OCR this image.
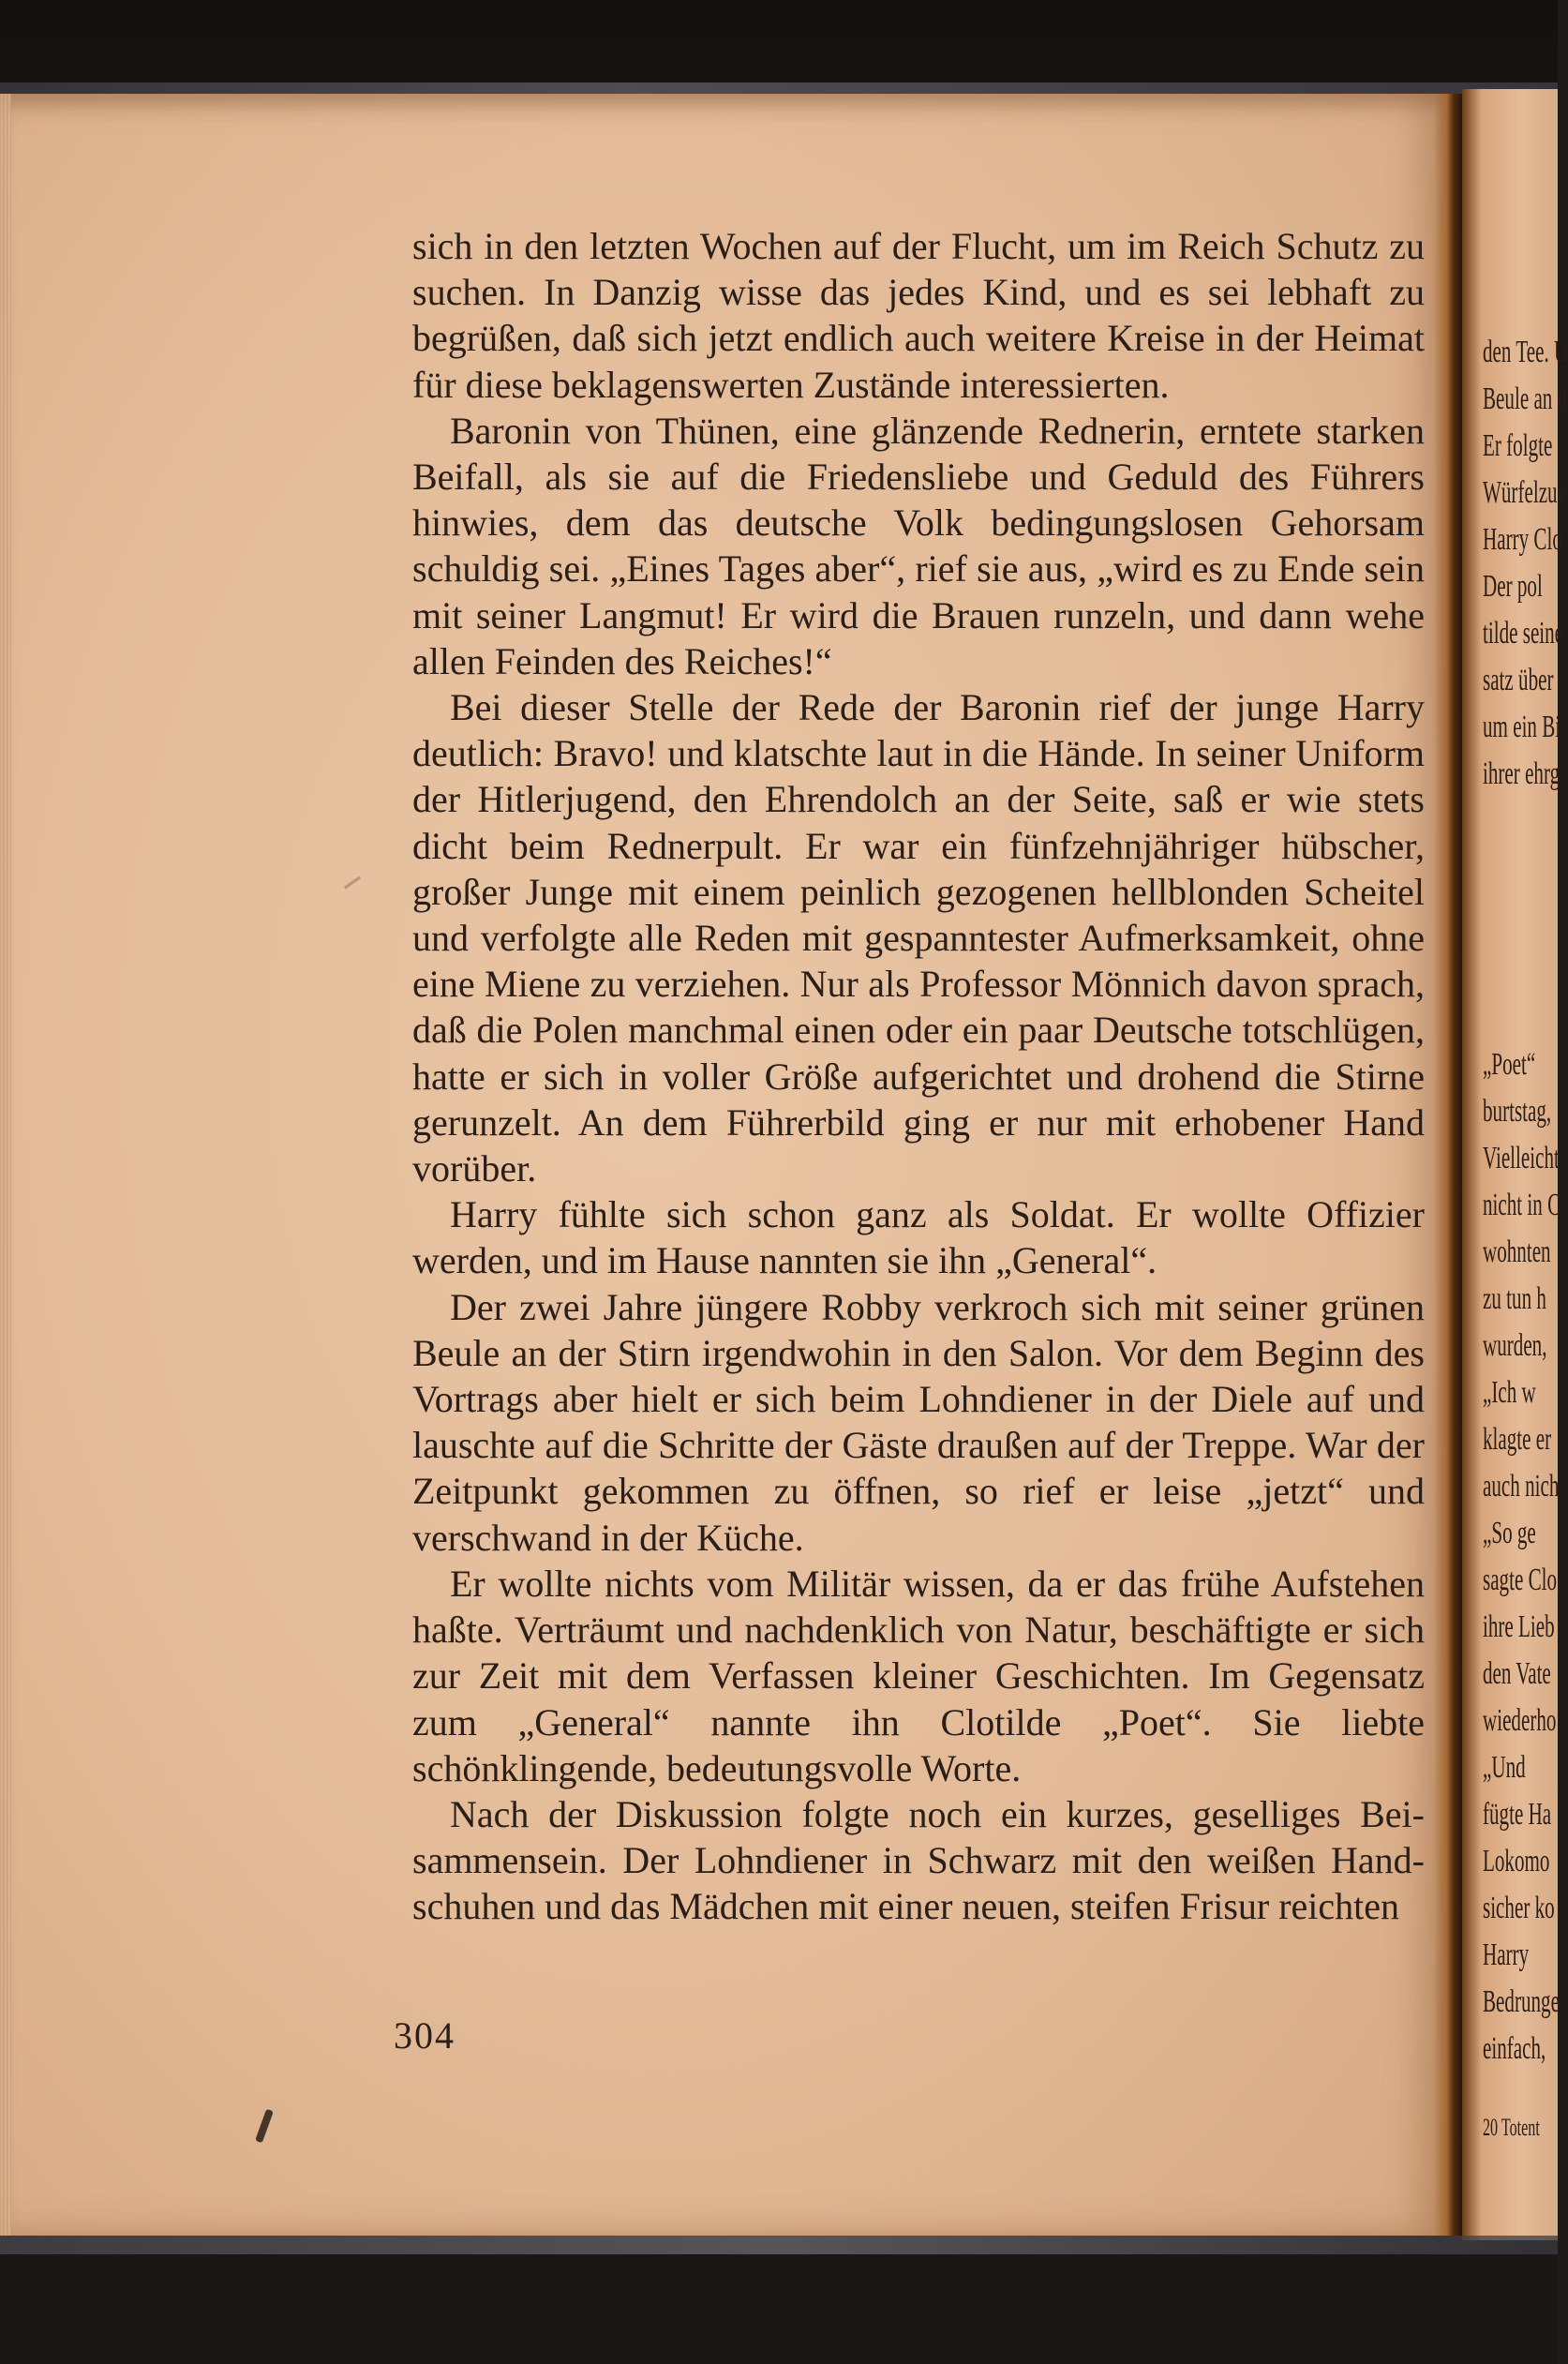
sich in den letzten Wochen auf der Flucht, um im Reich Schutz zu suchen. In Danzig wisse das jedes Kind, und es sei lebhaft zu begrüßen, daß sich jetzt endlich auch weitere Kreise in der Heimat für diese beklagenswerten Zustände interessierten.

Baronin von Thünen, eine glänzende Rednerin, erntete starken Beifall, als sie auf die Friedensliebe und Geduld des Führers hinwies, dem das deutsche Volk bedingungslosen Gehorsam schuldig sei. „Eines Tages aber“, rief sie aus, „wird es zu Ende sein mit seiner Langmut! Er wird die Brauen runzeln, und dann wehe allen Feinden des Reiches!“

Bei dieser Stelle der Rede der Baronin rief der junge Harry deutlich: Bravo! und klatschte laut in die Hände. In seiner Uniform der Hitlerjugend, den Ehrendolch an der Seite, saß er wie stets dicht beim Rednerpult. Er war ein fünfzehnjähriger hübscher, großer Junge mit einem peinlich gezogenen hellblonden Scheitel und verfolgte alle Reden mit gespanntester Aufmerksamkeit, ohne eine Miene zu verziehen. Nur als Professor Mönnich davon sprach, daß die Polen manchmal einen oder ein paar Deutsche totschlügen, hatte er sich in voller Größe aufgerichtet und drohend die Stirne gerunzelt. An dem Führerbild ging er nur mit erhobener Hand vorüber.

Harry fühlte sich schon ganz als Soldat. Er wollte Offizier werden, und im Hause nannten sie ihn „General“.

Der zwei Jahre jüngere Robby verkroch sich mit seiner grünen Beule an der Stirn irgendwohin in den Salon. Vor dem Beginn des Vortrags aber hielt er sich beim Lohndiener in der Diele auf und lauschte auf die Schritte der Gäste draußen auf der Treppe. War der Zeitpunkt gekommen zu öffnen, so rief er leise „jetzt“ und verschwand in der Küche.

Er wollte nichts vom Militär wissen, da er das frühe Aufstehen haßte. Verträumt und nachdenklich von Natur, beschäftigte er sich zur Zeit mit dem Verfassen kleiner Geschichten. Im Gegensatz zum „General“ nannte ihn Clotilde „Poet“. Sie liebte schönklingende, bedeutungsvolle Worte.

Nach der Diskussion folgte noch ein kurzes, geselliges Beisammensein. Der Lohndiener in Schwarz mit den weißen Handschuhen und das Mädchen mit einer neuen, steifen Frisur reichten

304
den Tee. U
Beule an d
Er folgte
Würfelzuc
Harry Clo
Der pol
tilde seine
satz über
um ein Bi
ihrer ehrg
„Poet“
burtstag,
Vielleicht
nicht in C
wohnten
zu tun h
wurden,
„Ich w
klagte er
auch nich
„So ge
sagte Clo
ihre Lieb
den Vate
wiederho
„Und
fügte Ha
Lokomo
sicher ko
Harry
Bedrunge
einfach,
20 Totent
